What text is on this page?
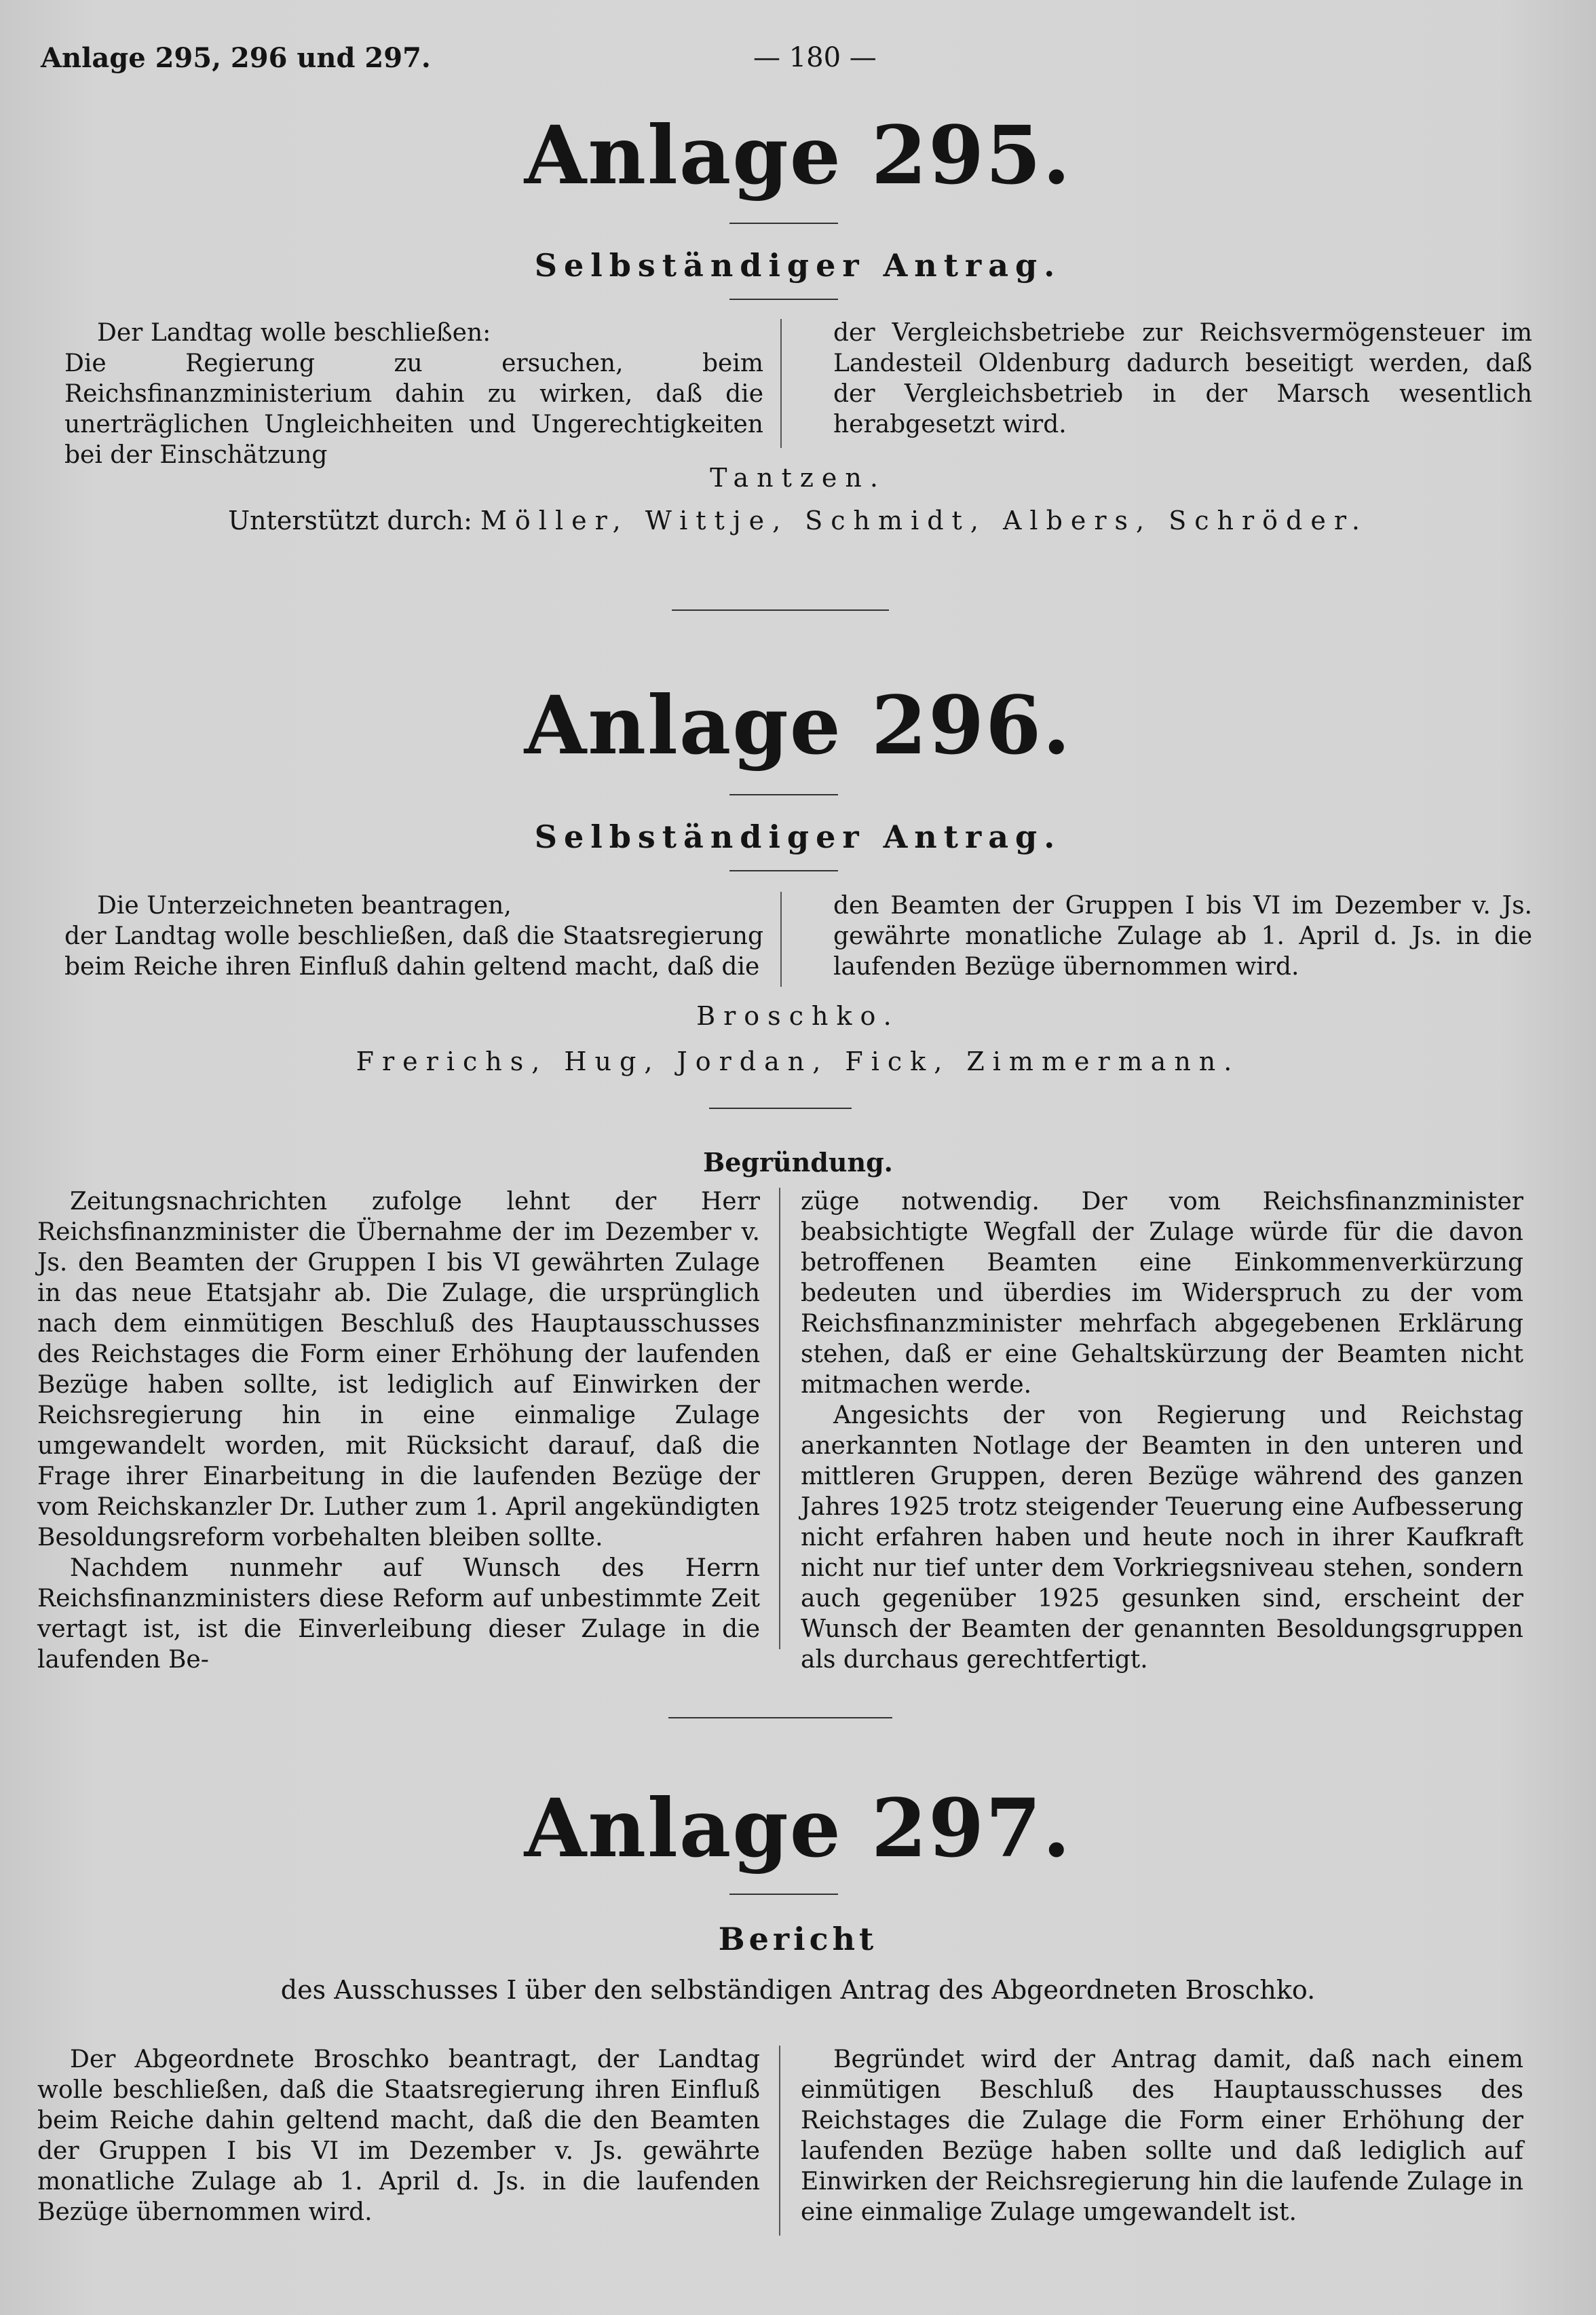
Anlage 295, 296 und 297.	— 180 —
Anlage 295.
Selbständiger Antrag.

Der Landtag wolle beschließen:

Die Regierung zu ersuchen, beim Reichsfinanzministerium dahin zu wirken, daß die unerträglichen Ungleichheiten und Ungerechtigkeiten bei der Einschätzung

der Vergleichsbetriebe zur Reichsvermögensteuer im Landesteil Oldenburg dadurch beseitigt werden, daß der Vergleichsbetrieb in der Marsch wesentlich herabgesetzt wird.

Tantzen.
Unterstützt durch: Möller, Wittje, Schmidt, Albers, Schröder.
Anlage 296.
Selbständiger Antrag.

Die Unterzeichneten beantragen,

der Landtag wolle beschließen, daß die Staatsregierung beim Reiche ihren Einfluß dahin geltend macht, daß die

den Beamten der Gruppen I bis VI im Dezember v. Js. gewährte monatliche Zulage ab 1. April d. Js. in die laufenden Bezüge übernommen wird.

Broschko.
Frerichs, Hug, Jordan, Fick, Zimmermann.
Begründung.

Zeitungsnachrichten zufolge lehnt der Herr Reichsfinanzminister die Übernahme der im Dezember v. Js. den Beamten der Gruppen I bis VI gewährten Zulage in das neue Etatsjahr ab. Die Zulage, die ursprünglich nach dem einmütigen Beschluß des Hauptausschusses des Reichstages die Form einer Erhöhung der laufenden Bezüge haben sollte, ist lediglich auf Einwirken der Reichsregierung hin in eine einmalige Zulage umgewandelt worden, mit Rücksicht darauf, daß die Frage ihrer Einarbeitung in die laufenden Bezüge der vom Reichskanzler Dr. Luther zum 1. April angekündigten Besoldungsreform vorbehalten bleiben sollte.

Nachdem nunmehr auf Wunsch des Herrn Reichsfinanzministers diese Reform auf unbestimmte Zeit vertagt ist, ist die Einverleibung dieser Zulage in die laufenden Be-

züge notwendig. Der vom Reichsfinanzminister beabsichtigte Wegfall der Zulage würde für die davon betroffenen Beamten eine Einkommenverkürzung bedeuten und überdies im Widerspruch zu der vom Reichsfinanzminister mehrfach abgegebenen Erklärung stehen, daß er eine Gehaltskürzung der Beamten nicht mitmachen werde.

Angesichts der von Regierung und Reichstag anerkannten Notlage der Beamten in den unteren und mittleren Gruppen, deren Bezüge während des ganzen Jahres 1925 trotz steigender Teuerung eine Aufbesserung nicht erfahren haben und heute noch in ihrer Kaufkraft nicht nur tief unter dem Vorkriegsniveau stehen, sondern auch gegenüber 1925 gesunken sind, erscheint der Wunsch der Beamten der genannten Besoldungsgruppen als durchaus gerechtfertigt.

Anlage 297.
Bericht
des Ausschusses I über den selbständigen Antrag des Abgeordneten Broschko.

Der Abgeordnete Broschko beantragt, der Landtag wolle beschließen, daß die Staatsregierung ihren Einfluß beim Reiche dahin geltend macht, daß die den Beamten der Gruppen I bis VI im Dezember v. Js. gewährte monatliche Zulage ab 1. April d. Js. in die laufenden Bezüge übernommen wird.

Begründet wird der Antrag damit, daß nach einem einmütigen Beschluß des Hauptausschusses des Reichstages die Zulage die Form einer Erhöhung der laufenden Bezüge haben sollte und daß lediglich auf Einwirken der Reichsregierung hin die laufende Zulage in eine einmalige Zulage umgewandelt ist.
